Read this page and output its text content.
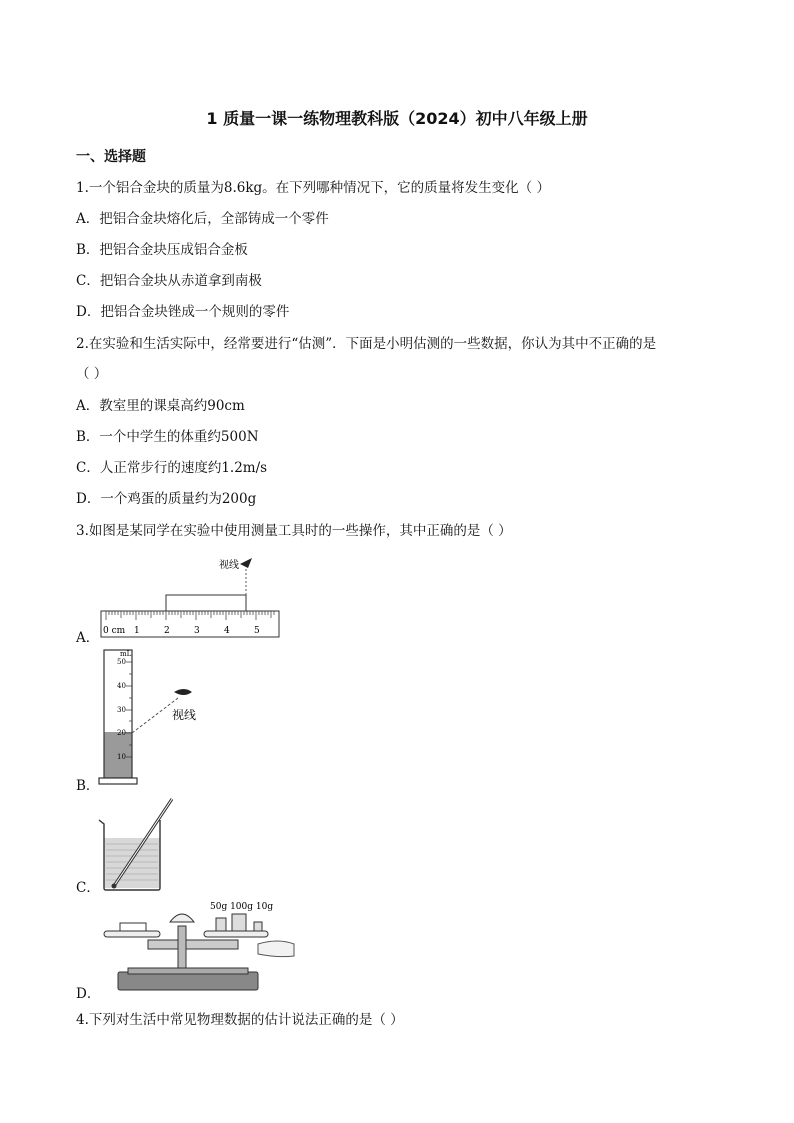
1 质量一课一练物理教科版（2024）初中八年级上册
一、选择题
1.一个铝合金块的质量为8.6kg。在下列哪种情况下，它的质量将发生变化（ ）
A．把铝合金块熔化后，全部铸成一个零件
B．把铝合金块压成铝合金板
C．把铝合金块从赤道拿到南极
D．把铝合金块锉成一个规则的零件
2.在实验和生活实际中，经常要进行“估测”．下面是小明估测的一些数据，你认为其中不正确的是
（ ）
A．教室里的课桌高约90cm
B．一个中学生的体重约500N
C．人正常步行的速度约1.2m/s
D．一个鸡蛋的质量约为200g
3.如图是某同学在实验中使用测量工具时的一些操作，其中正确的是（ ）
A．
B．
C．
D．
视线
0 cm 1	2	3	4	5
mL
50
40
30
20
10
视线
50g 100g 10g
4.下列对生活中常见物理数据的估计说法正确的是（ ）
